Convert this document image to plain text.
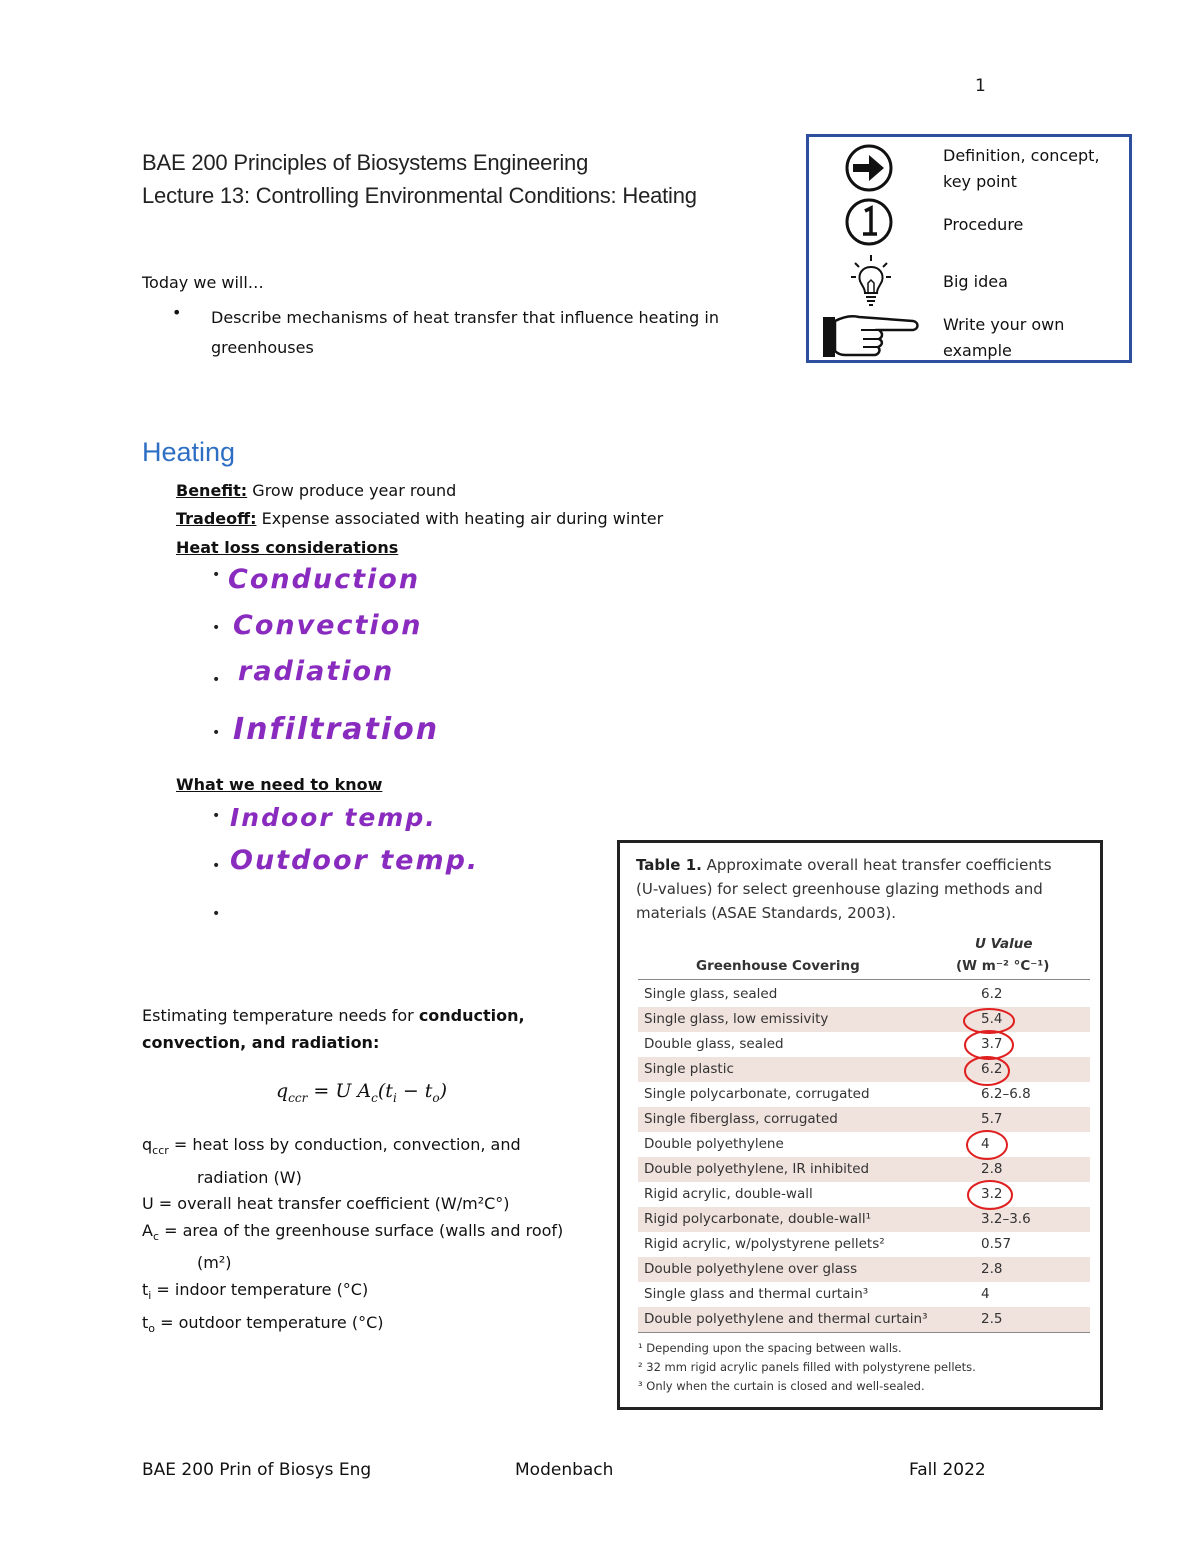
1
BAE 200 Principles of Biosystems Engineering
Lecture 13: Controlling Environmental Conditions: Heating
Definition, concept, key point
Procedure
Big idea
Write your own example
Today we will…
• Describe mechanisms of heat transfer that influence heating in greenhouses
Heating
Benefit: Grow produce year round
Tradeoff: Expense associated with heating air during winter
Heat loss considerations
• Conduction
• Convection
• radiation
• Infiltration
What we need to know
• Indoor temp.
• Outdoor temp.
•
Estimating temperature needs for conduction, convection, and radiation:
$q_{ccr} = U$ $A_c(t_i - t_o)$
$q_{ccr}$ = heat loss by conduction, convection, and
radiation (W)
U = overall heat transfer coefficient (W/m²C°)
$A_c$ = area of the greenhouse surface (walls and roof)
(m²)
$t_i$ = indoor temperature (°C)
$t_o$ = outdoor temperature (°C)
Table 1. Approximate overall heat transfer coefficients (U-values) for select greenhouse glazing methods and materials (ASAE Standards, 2003).
Greenhouse Covering
U Value
(W m⁻² °C⁻¹)
Single glass, sealed	6.2
Single glass, low emissivity	5.4
Double glass, sealed	3.7
Single plastic	6.2
Single polycarbonate, corrugated	6.2–6.8
Single fiberglass, corrugated	5.7
Double polyethylene	4
Double polyethylene, IR inhibited	2.8
Rigid acrylic, double-wall	3.2
Rigid polycarbonate, double-wall¹	3.2–3.6
Rigid acrylic, w/polystyrene pellets²	0.57
Double polyethylene over glass	2.8
Single glass and thermal curtain³	4
Double polyethylene and thermal curtain³	2.5
¹ Depending upon the spacing between walls.
² 32 mm rigid acrylic panels filled with polystyrene pellets.
³ Only when the curtain is closed and well-sealed.
BAE 200 Prin of Biosys Eng	Modenbach	Fall 2022
